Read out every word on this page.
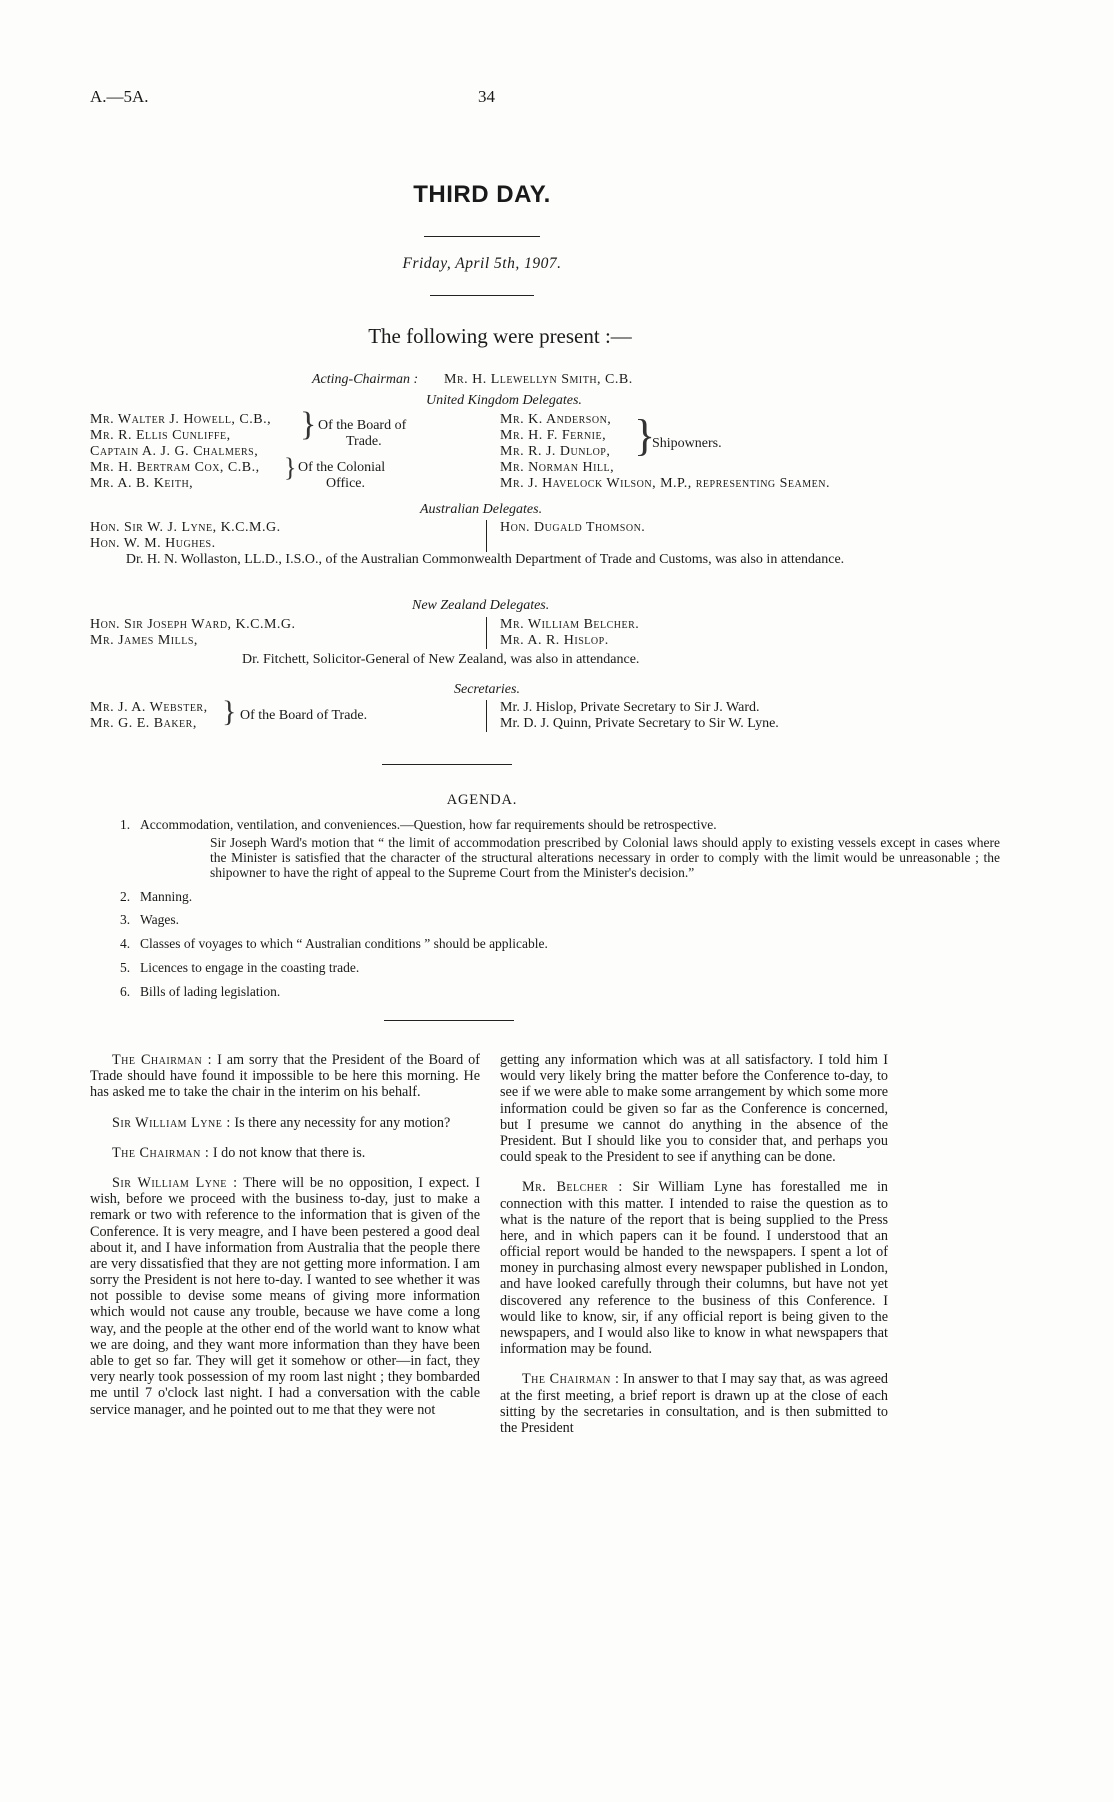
A.—5A.	34
THIRD DAY.
Friday, April 5th, 1907.
The following were present :—
Acting-Chairman : Mr. H. Llewellyn Smith, C.B.
United Kingdom Delegates.
Mr. Walter J. Howell, C.B.,
Mr. R. Ellis Cunliffe,
Captain A. J. G. Chalmers,
Mr. H. Bertram Cox, C.B.,
Mr. A. B. Keith,
} Of the Board of
Trade.
} Of the Colonial
Office.
Mr. K. Anderson,
Mr. H. F. Fernie,
Mr. R. J. Dunlop,
Mr. Norman Hill,
Mr. J. Havelock Wilson, M.P., representing Seamen.
}
Shipowners.
Australian Delegates.
Hon. Sir W. J. Lyne, K.C.M.G.
Hon. W. M. Hughes.
Hon. Dugald Thomson.
Dr. H. N. Wollaston, LL.D., I.S.O., of the Australian Commonwealth Department of Trade and Customs, was also in attendance.
New Zealand Delegates.
Hon. Sir Joseph Ward, K.C.M.G.
Mr. James Mills,
Mr. William Belcher.
Mr. A. R. Hislop.
Dr. Fitchett, Solicitor-General of New Zealand, was also in attendance.
Secretaries.
Mr. J. A. Webster,
Mr. G. E. Baker, } Of the Board of Trade.
Mr. J. Hislop, Private Secretary to Sir J. Ward.
Mr. D. J. Quinn, Private Secretary to Sir W. Lyne.
AGENDA.
1. Accommodation, ventilation, and conveniences.—Question, how far requirements should be retrospective.
Sir Joseph Ward's motion that “ the limit of accommodation prescribed by Colonial laws should apply to existing vessels except in cases where the Minister is satisfied that the character of the structural alterations necessary in order to comply with the limit would be unreasonable ; the shipowner to have the right of appeal to the Supreme Court from the Minister's decision.”
2. Manning.
3. Wages.
4. Classes of voyages to which “ Australian conditions ” should be applicable.
5. Licences to engage in the coasting trade.
6. Bills of lading legislation.

The Chairman : I am sorry that the President of the Board of Trade should have found it impossible to be here this morning. He has asked me to take the chair in the interim on his behalf.

Sir William Lyne : Is there any necessity for any motion?

The Chairman : I do not know that there is.

Sir William Lyne : There will be no opposition, I expect. I wish, before we proceed with the business to-day, just to make a remark or two with reference to the information that is given of the Conference. It is very meagre, and I have been pestered a good deal about it, and I have information from Australia that the people there are very dissatisfied that they are not getting more information. I am sorry the President is not here to-day. I wanted to see whether it was not possible to devise some means of giving more information which would not cause any trouble, because we have come a long way, and the people at the other end of the world want to know what we are doing, and they want more information than they have been able to get so far. They will get it somehow or other—in fact, they very nearly took possession of my room last night ; they bombarded me until 7 o'clock last night. I had a conversation with the cable service manager, and he pointed out to me that they were not

getting any information which was at all satisfactory. I told him I would very likely bring the matter before the Conference to-day, to see if we were able to make some arrangement by which some more information could be given so far as the Conference is concerned, but I presume we cannot do anything in the absence of the President. But I should like you to consider that, and perhaps you could speak to the President to see if anything can be done.

Mr. Belcher : Sir William Lyne has forestalled me in connection with this matter. I intended to raise the question as to what is the nature of the report that is being supplied to the Press here, and in which papers can it be found. I understood that an official report would be handed to the newspapers. I spent a lot of money in purchasing almost every newspaper published in London, and have looked carefully through their columns, but have not yet discovered any reference to the business of this Conference. I would like to know, sir, if any official report is being given to the newspapers, and I would also like to know in what newspapers that information may be found.

The Chairman : In answer to that I may say that, as was agreed at the first meeting, a brief report is drawn up at the close of each sitting by the secretaries in consultation, and is then submitted to the President
